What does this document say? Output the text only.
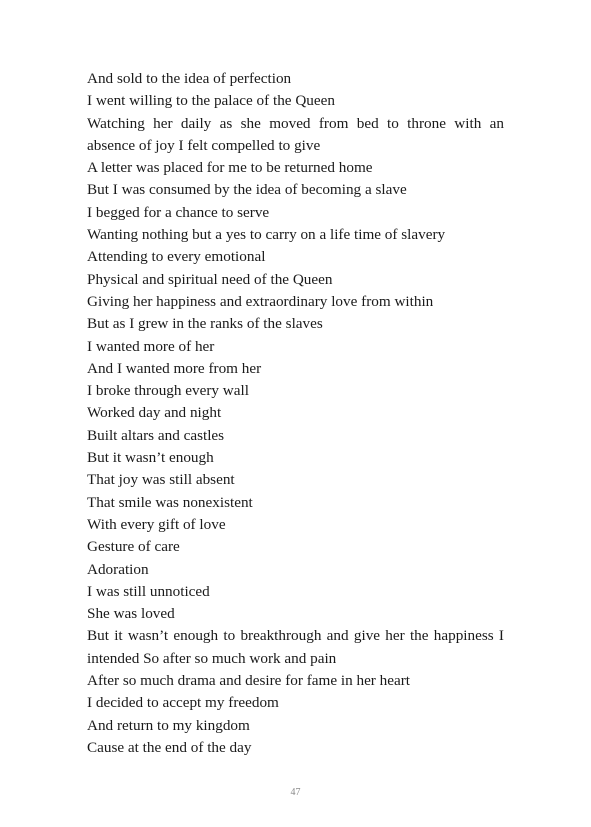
And sold to the idea of perfection
I went willing to the palace of the Queen
Watching her daily as she moved from bed to throne with an absence of joy I felt compelled to give
A letter was placed for me to be returned home
But I was consumed by the idea of becoming a slave
I begged for a chance to serve
Wanting nothing but a yes to carry on a life time of slavery
Attending to every emotional
Physical and spiritual need of the Queen
Giving her happiness and extraordinary love from within
But as I grew in the ranks of the slaves
I wanted more of her
And I wanted more from her
I broke through every wall
Worked day and night
Built altars and castles
But it wasn’t enough
That joy was still absent
That smile was nonexistent
With every gift of love
Gesture of care
Adoration
I was still unnoticed
She was loved
But it wasn’t enough to breakthrough and give her the happiness I intended So after so much work and pain
After so much drama and desire for fame in her heart
I decided to accept my freedom
And return to my kingdom
Cause at the end of the day
47
